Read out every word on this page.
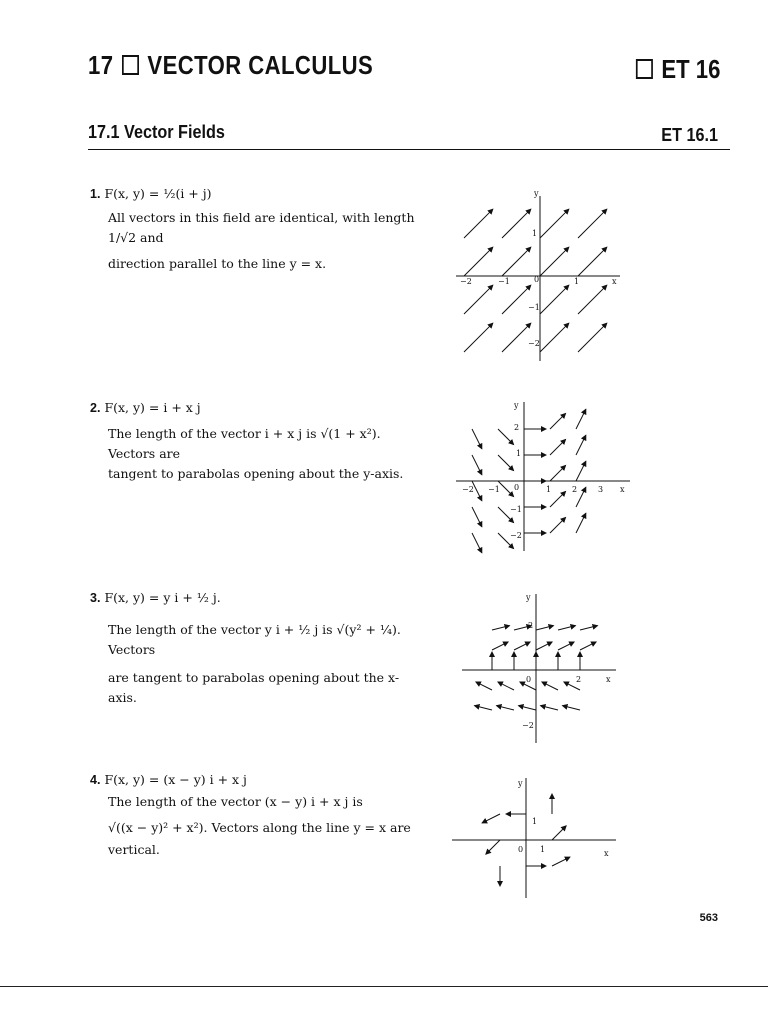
17 VECTOR CALCULUS	ET 16
17.1 Vector Fields	ET 16.1

1. F(x, y) = ½(i + j)

All vectors in this field are identical, with length 1/√2 and

direction parallel to the line y = x.

2. F(x, y) = i + x j

The length of the vector i + x j is √(1 + x²). Vectors are

tangent to parabolas opening about the y-axis.

3. F(x, y) = y i + ½ j.

The length of the vector y i + ½ j is √(y² + ¼). Vectors

are tangent to parabolas opening about the x-axis.

4. F(x, y) = (x − y) i + x j

The length of the vector (x − y) i + x j is

√((x − y)² + x²). Vectors along the line y = x are

vertical.

y
x
−2	−1	0	1
1
−1
−2
y
x
−2 −1 0	1	2	3
2
1
−1
−2
y
x
0	2
2
−2
y
x
0 1
1
563
